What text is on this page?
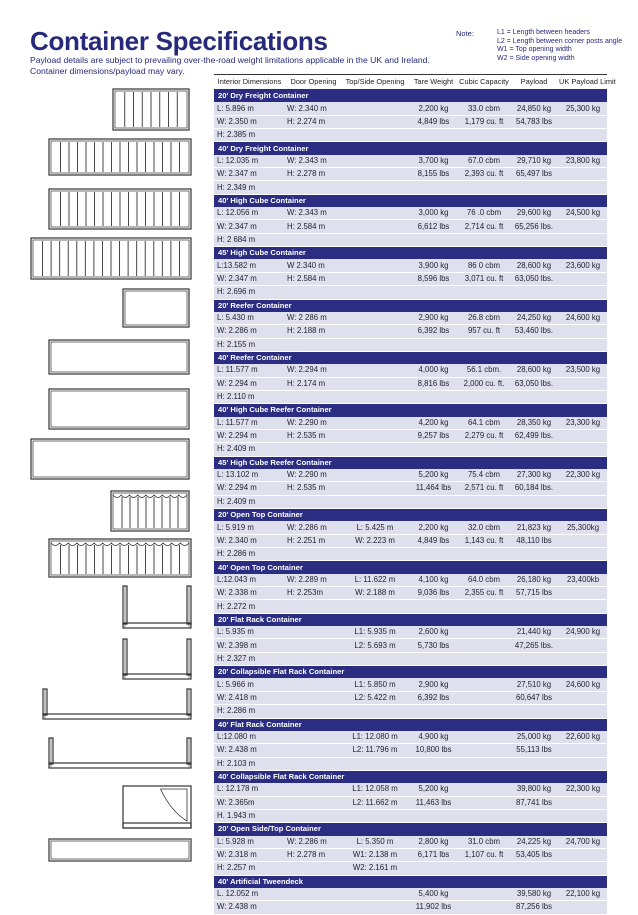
Container Specifications
Payload details are subject to prevailing over-the-road weight limitations applicable in the UK and Ireland.
Container dimensions/payload may vary.
Note:	L1 = Length between headers
L2 = Length between corner posts angle
W1 = Top opening width
W2 = Side opening width
Interior Dimensions	Door Opening	Top/Side Opening	Tare Weight	Cubic Capacity	Payload	UK Payload Limit
20' Dry Freight Container						
L: 5.896 m	W: 2.340 m		2,200 kg	33.0 cbm	24,850 kg	25,300 kg
W: 2.350 m	H: 2.274 m		4,849 lbs	1,179 cu. ft	54,783 lbs	
H: 2.385 m						
40' Dry Freight Container						
L: 12.035 m	W: 2.343 m		3,700 kg	67.0 cbm	29,710 kg	23,800 kg
W: 2.347 m	H: 2.278 m		8,155 lbs	2,393 cu. ft	65,497 lbs	
H: 2.349 m						
40' High Cube Container						
L: 12.056 m	W: 2.343 m		3,000 kg	76 .0 cbm	29,600 kg	24,500 kg
W: 2.347 m	H: 2.584 m		6,612 lbs	2,714 cu. ft	65,256 lbs.	
H: 2 684 m						
45' High Cube Container						
L:13.582 m	W 2.340 m		3,900 kg	86 0 cbm	28,600 kg	23,600 kg
W: 2.347 m	H: 2.584 m		8,596 lbs	3,071 cu. ft	63,050 lbs.	
H: 2.696 m						
20' Reefer Container						
L: 5.430 m	W: 2 286 m		2,900 kg	26.8 cbm	24,250 kg	24,600 kg
W: 2.286 m	H: 2.188 m		6,392 lbs	957 cu. ft	53,460 lbs.	
H: 2.155 m						
40' Reefer Container						
L: 11.577 m	W: 2.294 m		4,000 kg	56.1 cbm.	28,600 kg	23,500 kg
W: 2.294 m	H: 2.174 m		8,816 lbs	2,000 cu. ft.	63,050 lbs.	
H: 2.110 m						
40' High Cube Reefer Container						
L: 11.577 m	W: 2.290 m		4,200 kg	64.1 cbm	28,350 kg	23,300 kg
W: 2.294 m	H: 2.535 m		9,257 lbs	2,279 cu. ft	62,499 lbs.	
H: 2.409 m						
45' High Cube Reefer Container						
L: 13.102 m	W: 2.290 m		5,200 kg	75.4 cbm	27,300 kg	22,300 kg
W: 2.294 m	H: 2.535 m		11,464 lbs	2,571 cu. ft	60,184 lbs.	
H: 2.409 m						
20' Open Top Container						
L: 5.919 m	W: 2.286 m	L: 5.425 m	2,200 kg	32.0 cbm	21,823 kg	25,300kg
W: 2.340 m	H: 2.251 m	W: 2.223 m	4,849 lbs	1,143 cu. ft	48,110 lbs	
H: 2.286 m						
40' Open Top Container						
L:12.043 m	W: 2.289 m	L: 11.622 m	4,100 kg	64.0 cbm	26,180 kg	23,400kb
W: 2.338 m	H: 2.253m	W: 2.188 m	9,036 lbs	2,355 cu. ft	57,715 lbs	
H: 2.272 m						
20' Flat Rack Container						
L: 5.935 m		L1: 5.935 m	2,600 kg		21,440 kg	24,900 kg
W: 2.398 m		L2: 5.693 m	5,730 lbs		47,265 lbs.	
H: 2.327 m						
20' Collapsible Flat Rack Container						
L: 5.966 m		L1: 5.850 m	2,900 kg		27,510 kg	24,600 kg
W: 2.418 m		L2: 5.422 m	6,392 lbs		60,647 lbs	
H: 2.286 m						
40' Flat Rack Container						
L:12.080 m		L1: 12.080 m	4,900 kg		25,000 kg	22,600 kg
W: 2.438 m		L2: 11.796 m	10,800 lbs		55,113 lbs	
H: 2.103 m						
40' Collapsible Flat Rack Container						
L: 12.178 m		L1: 12.058 m	5,200 kg		39,800 kg	22,300 kg
W: 2.365m		L2: 11.662 m	11,463 lbs		87,741 lbs	
H. 1.943 m						
20' Open Side/Top Container						
L: 5.928 m	W: 2.286 m	L: 5.350 m	2,800 kg	31.0 cbm	24,225 kg	24,700 kg
W: 2.318 m	H: 2.278 m	W1: 2.138 m	6,171 lbs	1,107 cu. ft	53,405 lbs	
H: 2.257 m		W2: 2.161 m				
40' Artificial Tweendeck						
L. 12.052 m			5,400 kg		39,580 kg	22,100 kg
W: 2.438 m			11,902 lbs		87,256 lbs	
